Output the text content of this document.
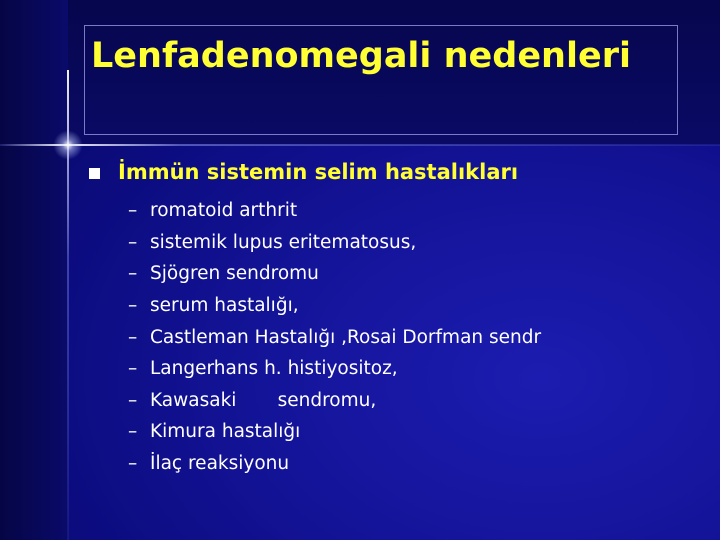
Lenfadenomegali nedenleri
İmmün sistemin selim hastalıkları
– romatoid arthrit
– sistemik lupus eritematosus,
– Sjögren sendromu
– serum hastalığı,
– Castleman Hastalığı ,Rosai Dorfman sendr
– Langerhans h. histiyositoz,
– Kawasaki       sendromu,
– Kimura hastalığı
– İlaç reaksiyonu
